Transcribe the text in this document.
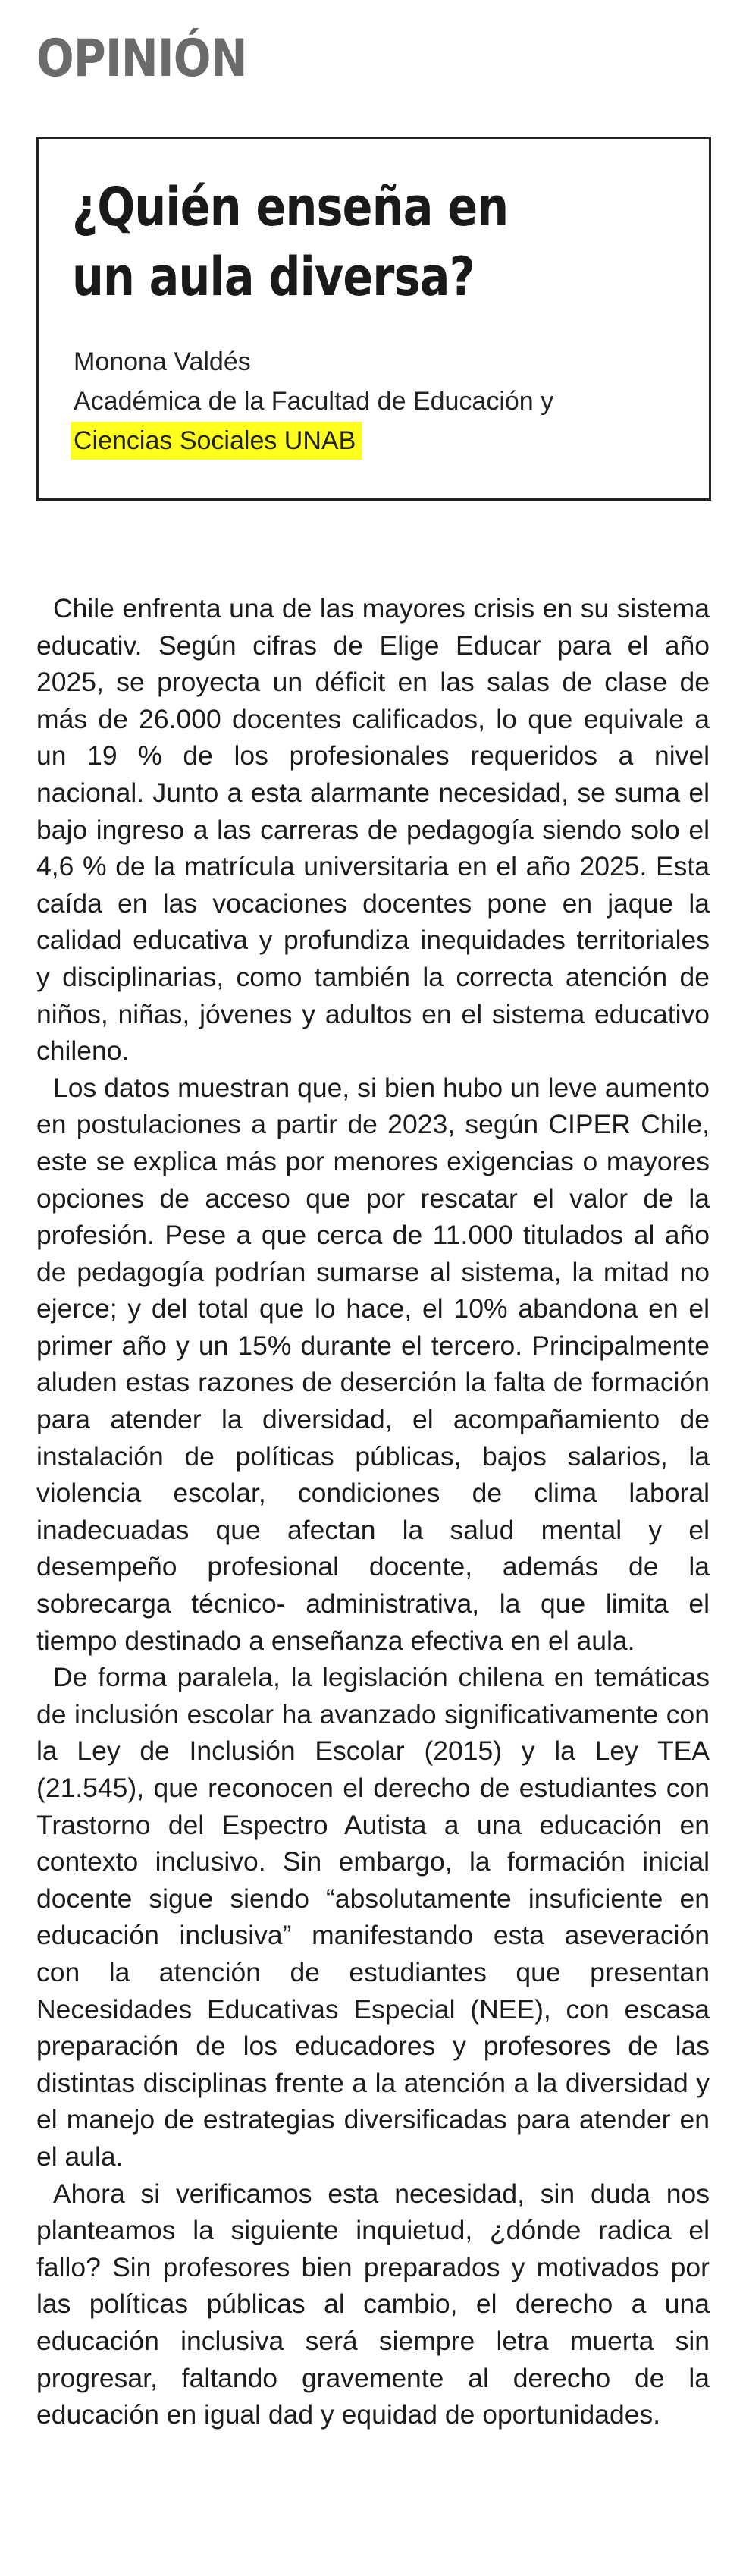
OPINIÓN
¿Quién enseña en
un aula diversa?
Monona Valdés
Académica de la Facultad de Educación y
Ciencias Sociales UNAB

Chile enfrenta una de las mayores crisis en su sistema educativ. Según cifras de Elige Educar para el año 2025, se proyecta un déficit en las salas de clase de más de 26.000 docentes calificados, lo que equivale a un 19 % de los profesionales requeridos a nivel nacional. Junto a esta alarmante necesidad, se suma el bajo ingreso a las carreras de pedagogía siendo solo el 4,6 % de la matrícula universitaria en el año 2025. Esta caída en las vocaciones docentes pone en jaque la calidad educativa y profundiza inequidades territoriales y disciplinarias, como también la correcta atención de niños, niñas, jóvenes y adultos en el sistema educativo chileno.

Los datos muestran que, si bien hubo un leve aumento en postulaciones a partir de 2023, según CIPER Chile, este se explica más por menores exigencias o mayores opciones de acceso que por rescatar el valor de la profesión. Pese a que cerca de 11.000 titulados al año de pedagogía podrían sumarse al sistema, la mitad no ejerce; y del total que lo hace, el 10% abandona en el primer año y un 15% durante el tercero. Principalmente aluden estas razones de deserción la falta de formación para atender la diversidad, el acompañamiento de instalación de políticas públicas, bajos salarios, la violencia escolar, condiciones de clima laboral inadecuadas que afectan la salud mental y el desempeño profesional docente, además de la sobrecarga técnico- administrativa, la que limita el tiempo destinado a enseñanza efectiva en el aula.

De forma paralela, la legislación chilena en temáticas de inclusión escolar ha avanzado significativamente con la Ley de Inclusión Escolar (2015) y la Ley TEA (21.545), que reconocen el derecho de estudiantes con Trastorno del Espectro Autista a una educación en contexto inclusivo. Sin embargo, la formación inicial docente sigue siendo “absolutamente insuficiente en educación inclusiva” manifestando esta aseveración con la atención de estudiantes que presentan Necesidades Educativas Especial (NEE), con escasa preparación de los educadores y profesores de las distintas disciplinas frente a la atención a la diversidad y el manejo de estrategias diversificadas para atender en el aula.

Ahora si verificamos esta necesidad, sin duda nos planteamos la siguiente inquietud, ¿dónde radica el fallo? Sin profesores bien preparados y motivados por las políticas públicas al cambio, el derecho a una educación inclusiva será siempre letra muerta sin progresar, faltando gravemente al derecho de la educación en igual dad y equidad de oportunidades.
